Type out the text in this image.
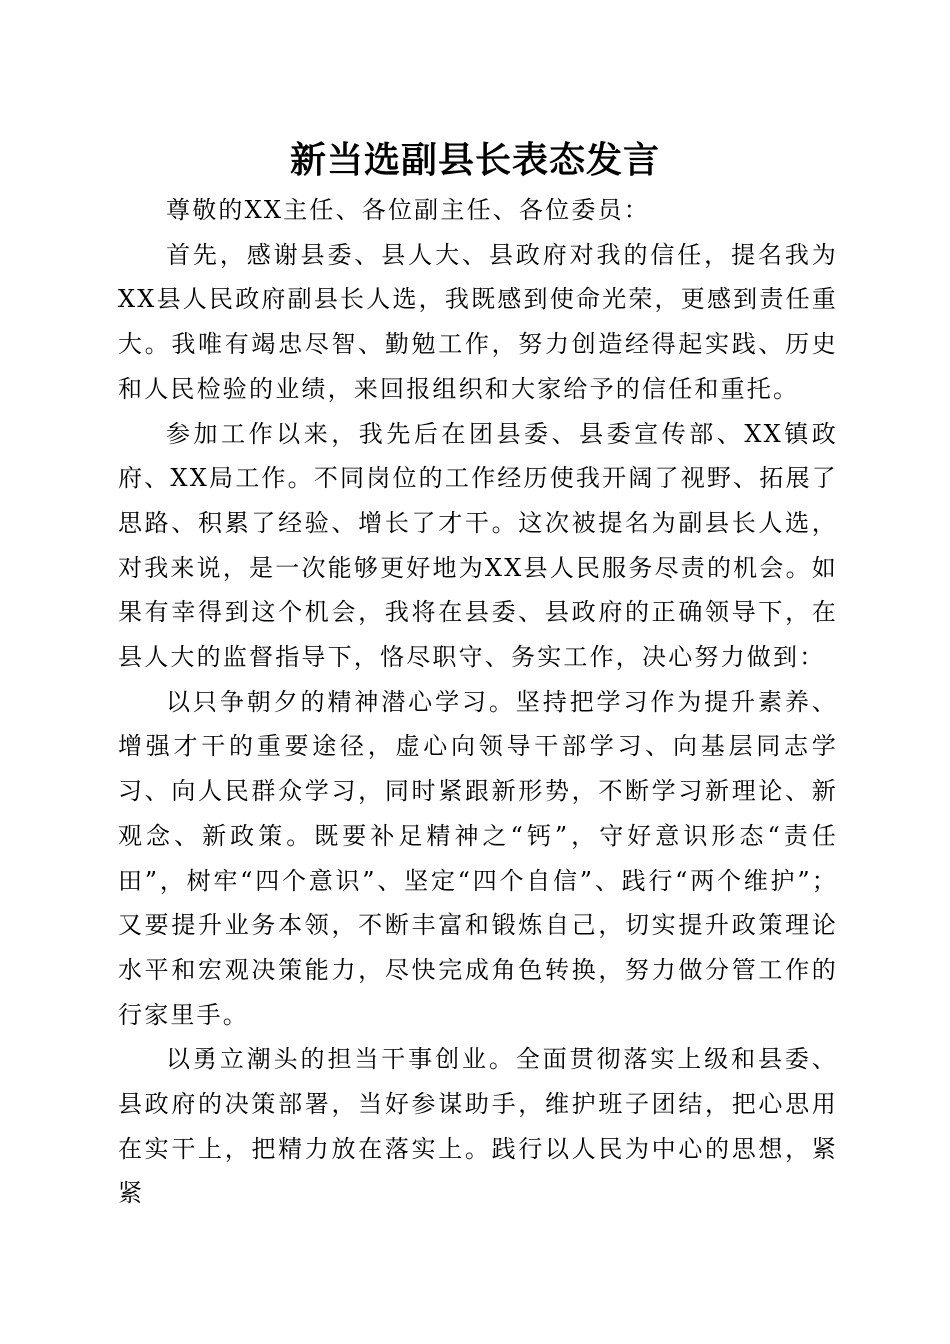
新当选副县长表态发言

尊敬的XX主任、各位副主任、各位委员：

首先，感谢县委、县人大、县政府对我的信任，提名我为XX县人民政府副县长人选，我既感到使命光荣，更感到责任重大。我唯有竭忠尽智、勤勉工作，努力创造经得起实践、历史和人民检验的业绩，来回报组织和大家给予的信任和重托。

参加工作以来，我先后在团县委、县委宣传部、XX镇政府、XX局工作。不同岗位的工作经历使我开阔了视野、拓展了思路、积累了经验、增长了才干。这次被提名为副县长人选，对我来说，是一次能够更好地为XX县人民服务尽责的机会。如果有幸得到这个机会，我将在县委、县政府的正确领导下，在县人大的监督指导下，恪尽职守、务实工作，决心努力做到：

以只争朝夕的精神潜心学习。坚持把学习作为提升素养、增强才干的重要途径，虚心向领导干部学习、向基层同志学习、向人民群众学习，同时紧跟新形势，不断学习新理论、新观念、新政策。既要补足精神之“钙”，守好意识形态“责任田”，树牢“四个意识”、坚定“四个自信”、践行“两个维护”；又要提升业务本领，不断丰富和锻炼自己，切实提升政策理论水平和宏观决策能力，尽快完成角色转换，努力做分管工作的行家里手。

以勇立潮头的担当干事创业。全面贯彻落实上级和县委、县政府的决策部署，当好参谋助手，维护班子团结，把心思用在实干上，把精力放在落实上。践行以人民为中心的思想，紧紧
